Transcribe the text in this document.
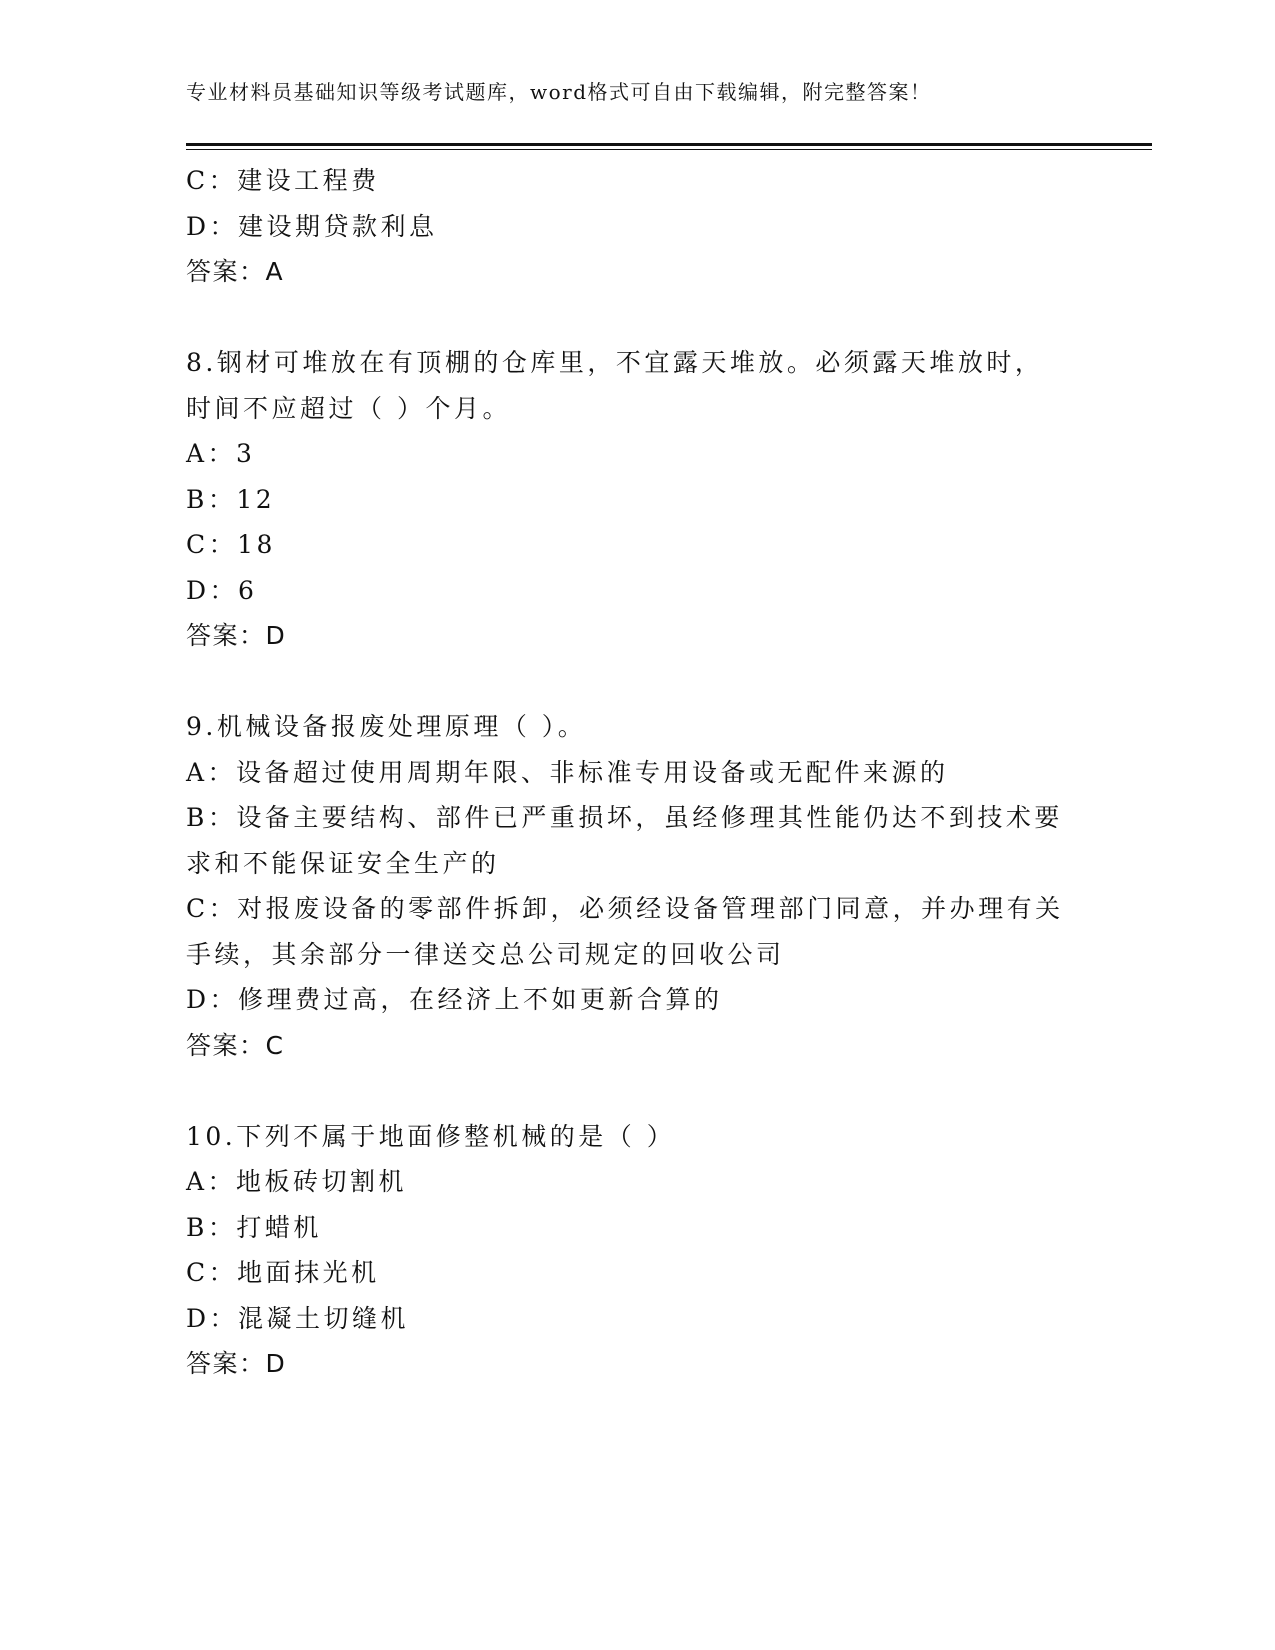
专业材料员基础知识等级考试题库，word格式可自由下载编辑，附完整答案！
C：建设工程费
D：建设期贷款利息
答案：A
8.钢材可堆放在有顶棚的仓库里，不宜露天堆放。必须露天堆放时，
时间不应超过（ ）个月。
A：3
B：12
C：18
D：6
答案：D
9.机械设备报废处理原理（ ）。
A：设备超过使用周期年限、非标准专用设备或无配件来源的
B：设备主要结构、部件已严重损坏，虽经修理其性能仍达不到技术要
求和不能保证安全生产的
C：对报废设备的零部件拆卸，必须经设备管理部门同意，并办理有关
手续，其余部分一律送交总公司规定的回收公司
D：修理费过高，在经济上不如更新合算的
答案：C
10.下列不属于地面修整机械的是（ ）
A：地板砖切割机
B：打蜡机
C：地面抹光机
D：混凝土切缝机
答案：D
